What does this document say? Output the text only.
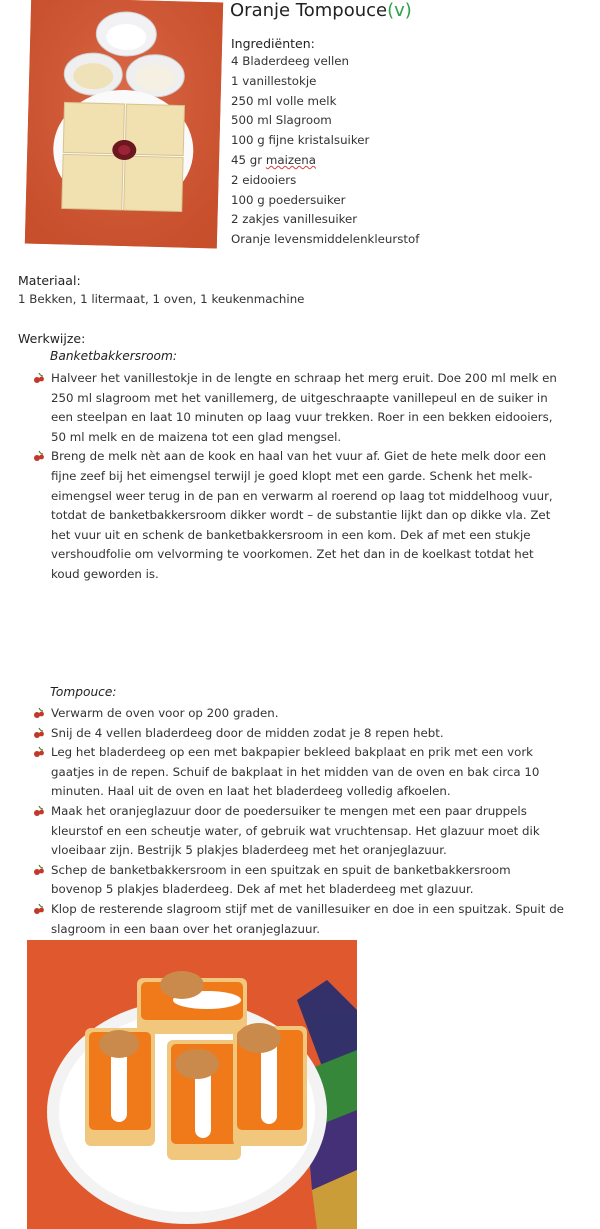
Oranje Tompouce(v)
Ingrediënten:
4 Bladerdeeg vellen
1 vanillestokje
250 ml volle melk
500 ml Slagroom
100 g fijne kristalsuiker
45 gr maizena
2 eidooiers
100 g poedersuiker
2 zakjes vanillesuiker
Oranje levensmiddelenkleurstof
Materiaal:
1 Bekken, 1 litermaat, 1 oven, 1 keukenmachine
Werkwijze:
Banketbakkersroom:
Halveer het vanillestokje in de lengte en schraap het merg eruit. Doe 200 ml melk en
250 ml slagroom met het vanillemerg, de uitgeschraapte vanillepeul en de suiker in
een steelpan en laat 10 minuten op laag vuur trekken. Roer in een bekken eidooiers,
50 ml melk en de maizena tot een glad mengsel.
Breng de melk nèt aan de kook en haal van het vuur af. Giet de hete melk door een
fijne zeef bij het eimengsel terwijl je goed klopt met een garde. Schenk het melk-
eimengsel weer terug in de pan en verwarm al roerend op laag tot middelhoog vuur,
totdat de banketbakkersroom dikker wordt – de substantie lijkt dan op dikke vla. Zet
het vuur uit en schenk de banketbakkersroom in een kom. Dek af met een stukje
vershoudfolie om velvorming te voorkomen. Zet het dan in de koelkast totdat het
koud geworden is.
Tompouce:
Verwarm de oven voor op 200 graden.
Snij de 4 vellen bladerdeeg door de midden zodat je 8 repen hebt.
Leg het bladerdeeg op een met bakpapier bekleed bakplaat en prik met een vork
gaatjes in de repen. Schuif de bakplaat in het midden van de oven en bak circa 10
minuten. Haal uit de oven en laat het bladerdeeg volledig afkoelen.
Maak het oranjeglazuur door de poedersuiker te mengen met een paar druppels
kleurstof en een scheutje water, of gebruik wat vruchtensap. Het glazuur moet dik
vloeibaar zijn. Bestrijk 5 plakjes bladerdeeg met het oranjeglazuur.
Schep de banketbakkersroom in een spuitzak en spuit de banketbakkersroom
bovenop 5 plakjes bladerdeeg. Dek af met het bladerdeeg met glazuur.
Klop de resterende slagroom stijf met de vanillesuiker en doe in een spuitzak. Spuit de
slagroom in een baan over het oranjeglazuur.
